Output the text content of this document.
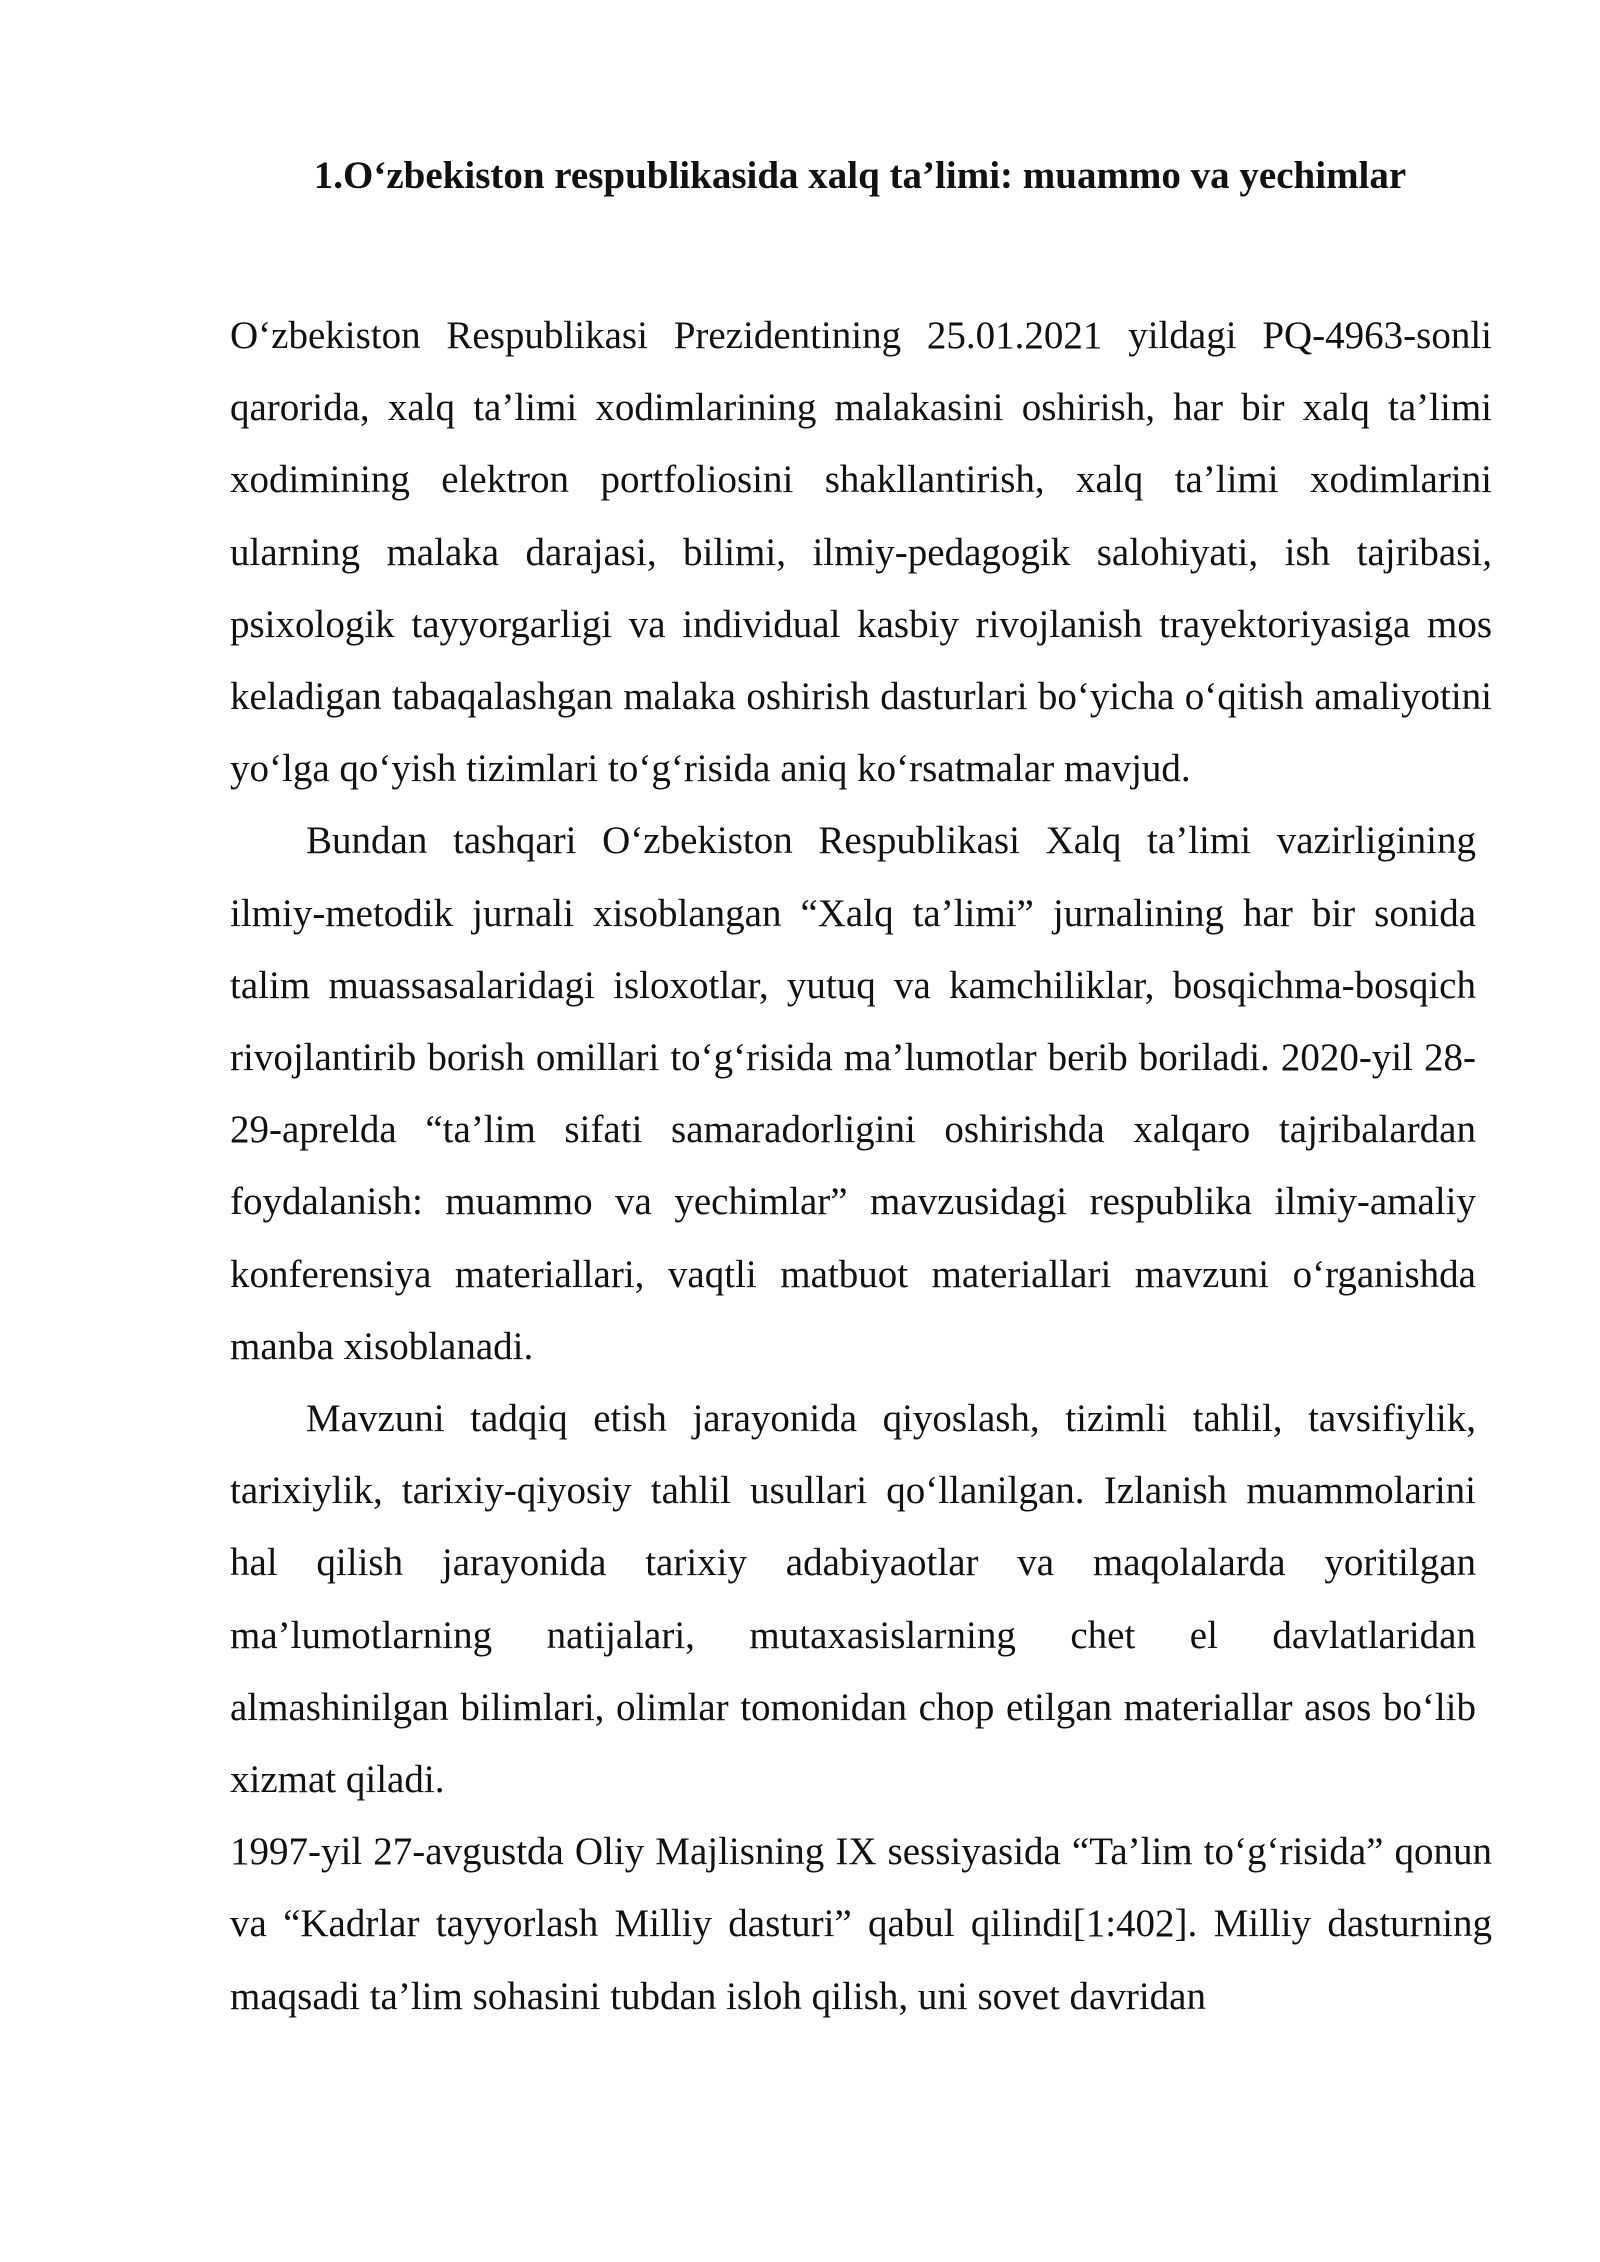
1.O‘zbekiston respublikasida xalq ta’limi: muammo va yechimlar

O‘zbekiston Respublikasi Prezidentining 25.01.2021 yildagi PQ-4963-sonli qarorida, xalq ta’limi xodimlarining malakasini oshirish, har bir xalq ta’limi xodimining elektron portfoliosini shakllantirish, xalq ta’limi xodimlarini ularning malaka darajasi, bilimi, ilmiy-pedagogik salohiyati, ish tajribasi, psixologik tayyorgarligi va individual kasbiy rivojlanish trayektoriyasiga mos keladigan tabaqalashgan malaka oshirish dasturlari bo‘yicha o‘qitish amaliyotini yo‘lga qo‘yish tizimlari to‘g‘risida aniq ko‘rsatmalar mavjud.

Bundan tashqari O‘zbekiston Respublikasi Xalq ta’limi vazirligining ilmiy-metodik jurnali xisoblangan “Xalq ta’limi” jurnalining har bir sonida talim muassasalaridagi isloxotlar, yutuq va kamchiliklar, bosqichma-bosqich rivojlantirib borish omillari to‘g‘risida ma’lumotlar berib boriladi. 2020-yil 28-29-aprelda “ta’lim sifati samaradorligini oshirishda xalqaro tajribalardan foydalanish: muammo va yechimlar” mavzusidagi respublika ilmiy-amaliy konferensiya materiallari, vaqtli matbuot materiallari mavzuni o‘rganishda manba xisoblanadi.

Mavzuni tadqiq etish jarayonida qiyoslash, tizimli tahlil, tavsifiylik, tarixiylik, tarixiy-qiyosiy tahlil usullari qo‘llanilgan. Izlanish muammolarini hal qilish jarayonida tarixiy adabiyaotlar va maqolalarda yoritilgan ma’lumotlarning natijalari, mutaxasislarning chet el davlatlaridan almashinilgan bilimlari, olimlar tomonidan chop etilgan materiallar asos bo‘lib xizmat qiladi.

1997-yil 27-avgustda Oliy Majlisning IX sessiyasida “Ta’lim to‘g‘risida” qonun va “Kadrlar tayyorlash Milliy dasturi” qabul qilindi[1:402]. Milliy dasturning maqsadi ta’lim sohasini tubdan isloh qilish, uni sovet davridan
